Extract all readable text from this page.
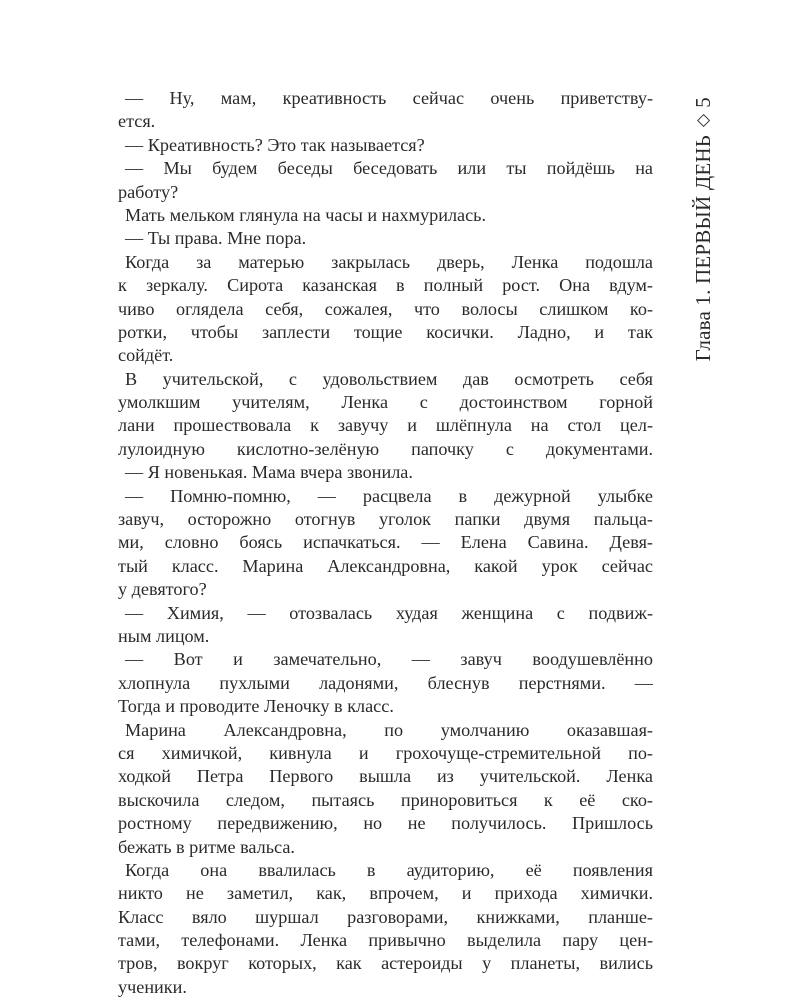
Глава 1. ПЕРВЫЙ ДЕНЬ
◇
5
— Ну, мам, креативность сейчас очень приветству-
ется.
— Креативность? Это так называется?
— Мы будем беседы беседовать или ты пойдёшь на
работу?
Мать мельком глянула на часы и нахмурилась.
— Ты права. Мне пора.
Когда за матерью закрылась дверь, Ленка подошла
к зеркалу. Сирота казанская в полный рост. Она вдум-
чиво оглядела себя, сожалея, что волосы слишком ко-
ротки, чтобы заплести тощие косички. Ладно, и так
сойдёт.
В учительской, с удовольствием дав осмотреть себя
умолкшим учителям, Ленка с достоинством горной
лани прошествовала к завучу и шлёпнула на стол цел-
лулоидную кислотно-зелёную папочку с документами.
— Я новенькая. Мама вчера звонила.
— Помню-помню, — расцвела в дежурной улыбке
завуч, осторожно отогнув уголок папки двумя пальца-
ми, словно боясь испачкаться. — Елена Савина. Девя-
тый класс. Марина Александровна, какой урок сейчас
у девятого?
— Химия, — отозвалась худая женщина с подвиж-
ным лицом.
— Вот и замечательно, — завуч воодушевлённо
хлопнула пухлыми ладонями, блеснув перстнями. —
Тогда и проводите Леночку в класс.
Марина Александровна, по умолчанию оказавшая-
ся химичкой, кивнула и грохочуще-стремительной по-
ходкой Петра Первого вышла из учительской. Ленка
выскочила следом, пытаясь приноровиться к её ско-
ростному передвижению, но не получилось. Пришлось
бежать в ритме вальса.
Когда она ввалилась в аудиторию, её появления
никто не заметил, как, впрочем, и прихода химички.
Класс вяло шуршал разговорами, книжками, планше-
тами, телефонами. Ленка привычно выделила пару цен-
тров, вокруг которых, как астероиды у планеты, вились
ученики.
